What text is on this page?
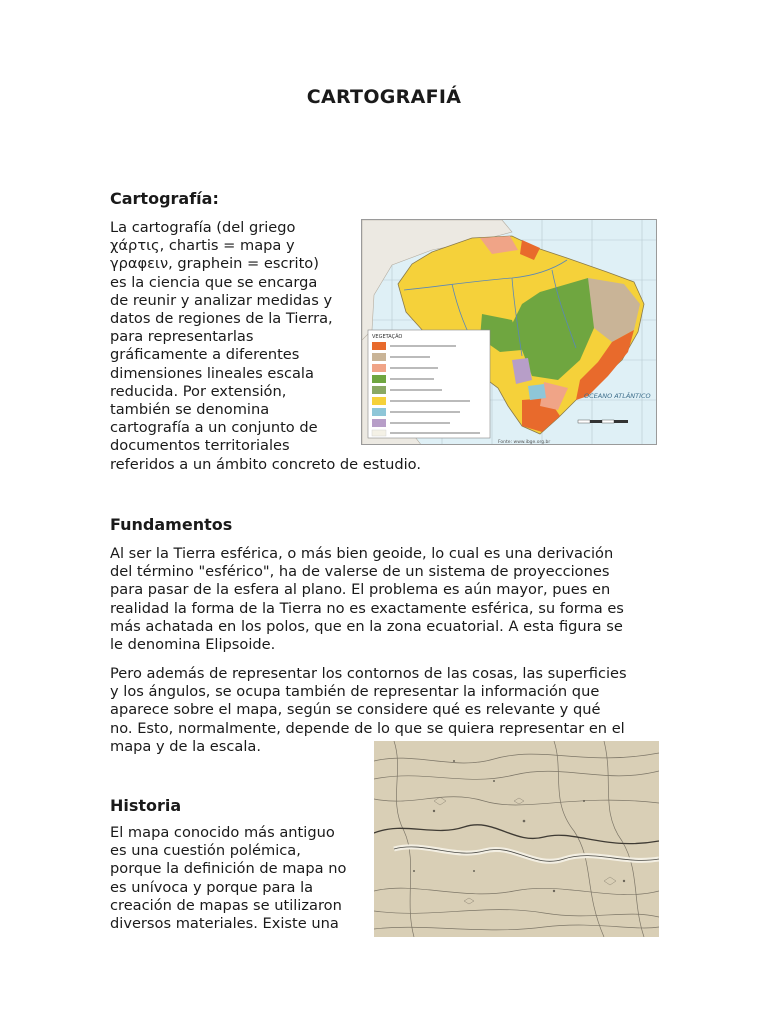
CARTOGRAFIÁ
Cartografía:
La cartografía (del griego
χάρτις, chartis = mapa y
γραφειν, graphein = escrito)
es la ciencia que se encarga
de reunir y analizar medidas y
datos de regiones de la Tierra,
para representarlas
gráficamente a diferentes
dimensiones lineales escala
reducida. Por extensión,
también se denomina
cartografía a un conjunto de
documentos territoriales
referidos a un ámbito concreto de estudio.
VEGETAÇÃO
OCEANO ATLÂNTICO
Fonte: www.ibge.org.br
Fundamentos
Al ser la Tierra esférica, o más bien geoide, lo cual es una derivación
del término "esférico", ha de valerse de un sistema de proyecciones
para pasar de la esfera al plano. El problema es aún mayor, pues en
realidad la forma de la Tierra no es exactamente esférica, su forma es
más achatada en los polos, que en la zona ecuatorial. A esta figura se
le denomina Elipsoide.
Pero además de representar los contornos de las cosas, las superficies
y los ángulos, se ocupa también de representar la información que
aparece sobre el mapa, según se considere qué es relevante y qué
no. Esto, normalmente, depende de lo que se quiera representar en el
mapa y de la escala.
Historia
El mapa conocido más antiguo
es una cuestión polémica,
porque la definición de mapa no
es unívoca y porque para la
creación de mapas se utilizaron
diversos materiales. Existe una
